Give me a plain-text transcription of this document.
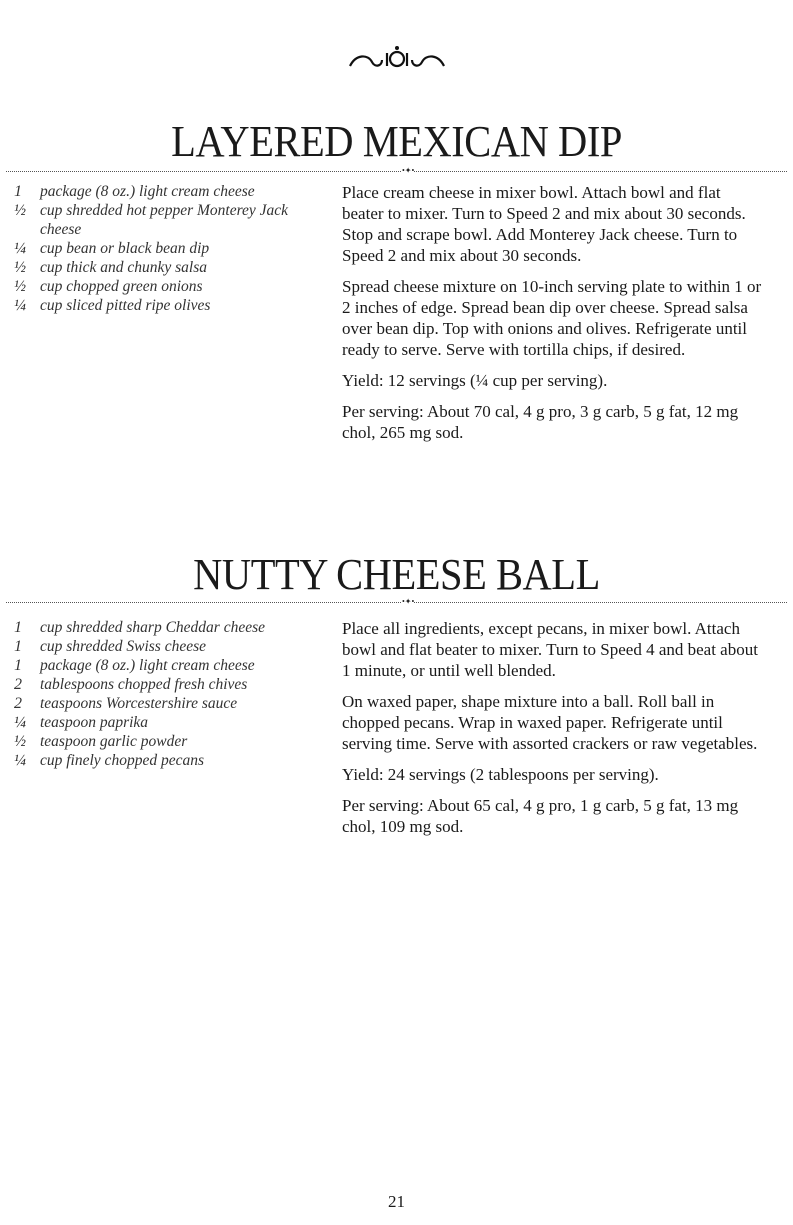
LAYERED MEXICAN DIP
•✦•
1	package (8 oz.) light cream cheese
½ cup shredded hot pepper Monterey Jack cheese
¼ cup bean or black bean dip
½ cup thick and chunky salsa
½ cup chopped green onions
¼ cup sliced pitted ripe olives

Place cream cheese in mixer bowl. Attach bowl and flat beater to mixer. Turn to Speed 2 and mix about 30 seconds. Stop and scrape bowl. Add Monterey Jack cheese. Turn to Speed 2 and mix about 30 seconds.

Spread cheese mixture on 10-inch serving plate to within 1 or 2 inches of edge. Spread bean dip over cheese. Spread salsa over bean dip. Top with onions and olives. Refrigerate until ready to serve. Serve with tortilla chips, if desired.

Yield: 12 servings (¼ cup per serving).

Per serving: About 70 cal, 4 g pro, 3 g carb, 5 g fat, 12 mg chol, 265 mg sod.

NUTTY CHEESE BALL
•✦•
1	cup shredded sharp Cheddar cheese
1	cup shredded Swiss cheese
1	package (8 oz.) light cream cheese
2	tablespoons chopped fresh chives
2	teaspoons Worcestershire sauce
¼ teaspoon paprika
½ teaspoon garlic powder
¼ cup finely chopped pecans

Place all ingredients, except pecans, in mixer bowl. Attach bowl and flat beater to mixer. Turn to Speed 4 and beat about 1 minute, or until well blended.

On waxed paper, shape mixture into a ball. Roll ball in chopped pecans. Wrap in waxed paper. Refrigerate until serving time. Serve with assorted crackers or raw vegetables.

Yield: 24 servings (2 tablespoons per serving).

Per serving: About 65 cal, 4 g pro, 1 g carb, 5 g fat, 13 mg chol, 109 mg sod.

21
